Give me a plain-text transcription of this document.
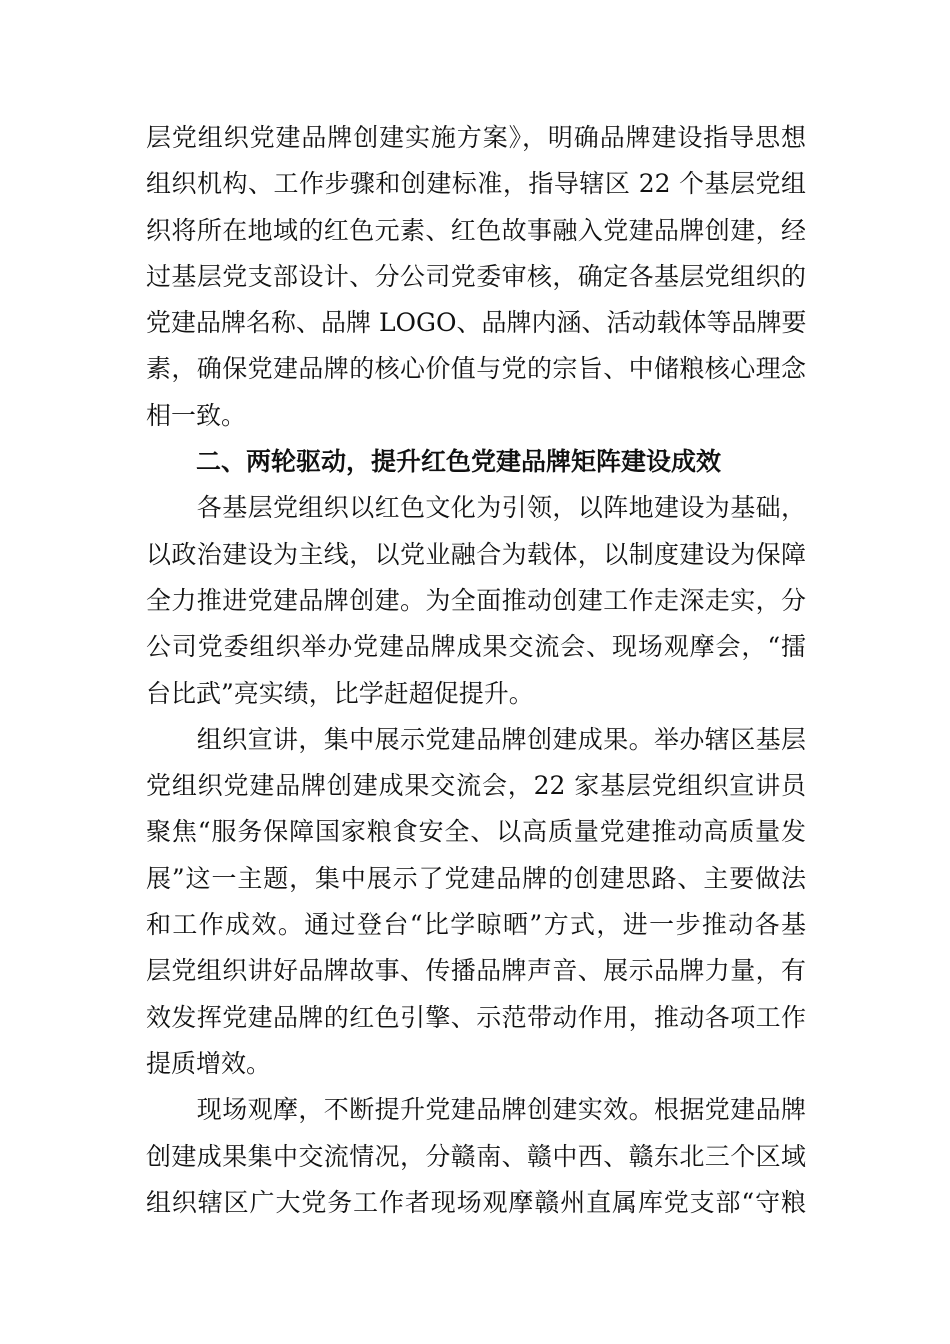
层党组织党建品牌创建实施方案》，明确品牌建设指导思想
组织机构、工作步骤和创建标准，指导辖区 22 个基层党组
织将所在地域的红色元素、红色故事融入党建品牌创建，经
过基层党支部设计、分公司党委审核，确定各基层党组织的
党建品牌名称、品牌 LOGO、品牌内涵、活动载体等品牌要
素，确保党建品牌的核心价值与党的宗旨、中储粮核心理念
相一致。
二、两轮驱动，提升红色党建品牌矩阵建设成效
　　各基层党组织以红色文化为引领，以阵地建设为基础，
以政治建设为主线，以党业融合为载体，以制度建设为保障
全力推进党建品牌创建。为全面推动创建工作走深走实，分
公司党委组织举办党建品牌成果交流会、现场观摩会，“擂
台比武”亮实绩，比学赶超促提升。
　　组织宣讲，集中展示党建品牌创建成果。举办辖区基层
党组织党建品牌创建成果交流会，22 家基层党组织宣讲员
聚焦“服务保障国家粮食安全、以高质量党建推动高质量发
展”这一主题，集中展示了党建品牌的创建思路、主要做法
和工作成效。通过登台“比学晾晒”方式，进一步推动各基
层党组织讲好品牌故事、传播品牌声音、展示品牌力量，有
效发挥党建品牌的红色引擎、示范带动作用，推动各项工作
提质增效。
　　现场观摩，不断提升党建品牌创建实效。根据党建品牌
创建成果集中交流情况，分赣南、赣中西、赣东北三个区域
组织辖区广大党务工作者现场观摩赣州直属库党支部“守粮
